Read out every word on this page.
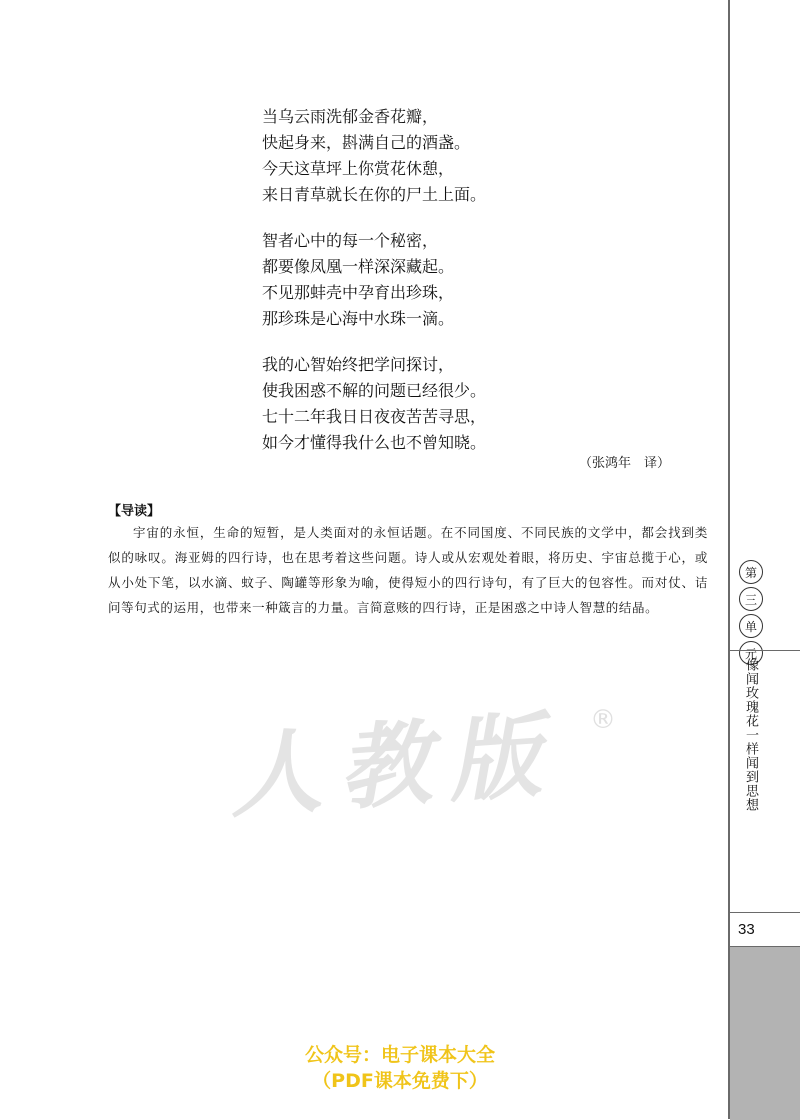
当乌云雨洗郁金香花瓣，
快起身来，斟满自己的酒盏。
今天这草坪上你赏花休憩，
来日青草就长在你的尸土上面。
智者心中的每一个秘密，
都要像凤凰一样深深藏起。
不见那蚌壳中孕育出珍珠，
那珍珠是心海中水珠一滴。
我的心智始终把学问探讨，
使我困惑不解的问题已经很少。
七十二年我日日夜夜苦苦寻思，
如今才懂得我什么也不曾知晓。
（张鸿年　译）
【导读】
宇宙的永恒，生命的短暂，是人类面对的永恒话题。在不同国度、不同民族的文学中，都会找到类似的咏叹。海亚姆的四行诗，也在思考着这些问题。诗人或从宏观处着眼，将历史、宇宙总揽于心，或从小处下笔，以水滴、蚊子、陶罐等形象为喻，使得短小的四行诗句，有了巨大的包容性。而对仗、诘问等句式的运用，也带来一种箴言的力量。言简意赅的四行诗，正是困惑之中诗人智慧的结晶。
人教版	®
第
三
单
元
像闻玫瑰花一样闻到思想
33
公众号：电子课本大全
（PDF课本免费下）
